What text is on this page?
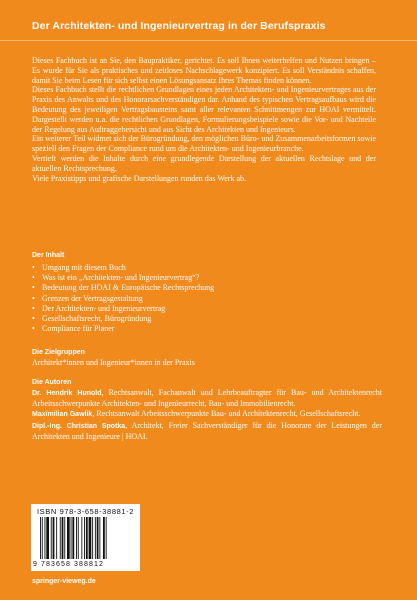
Der Architekten- und Ingenieurvertrag in der Berufspraxis

Dieses Fachbuch ist an Sie, den Baupraktiker, gerichtet. Es soll Ihnen weiterhelfen und Nutzen bringen – Es wurde für Sie als praktisches und zeitloses Nachschlagewerk konzipiert. Es soll Verständnis schaffen, damit Sie beim Lesen für sich selbst einen Lösungsansatz Ihres Themas finden können.

Dieses Fachbuch stellt die rechtlichen Grundlagen eines jeden Architekten- und Ingenieurvertrages aus der Praxis des Anwalts und des Honorarsachverständigen dar. Anhand des typischen Vertragsaufbaus wird die Bedeutung des jeweiligen Vertragsbausteins samt aller relevanten Schnittmengen zur HOAI vermittelt. Dargestellt werden u.a. die rechtlichen Grundlagen, Formulierungsbeispiele sowie die Vor- und Nachteile der Regelung aus Auftraggebersicht und aus Sicht des Architekten und Ingenieurs.

Ein weiterer Teil widmet sich der Bürogründung, den möglichen Büro- und Zusammenarbeitsformen sowie speziell den Fragen der Compliance rund um die Architekten- und Ingenieurbranche.

Vertieft werden die Inhalte durch eine grundlegende Darstellung der aktuellen Rechtslage und der aktuellen Rechtsprechung.

Viele Praxistipps und grafische Darstellungen runden das Werk ab.

Der Inhalt
• Umgang mit diesem Buch
• Was ist ein „Architekten- und Ingenieurvertrag“?
• Bedeutung der HOAI & Europäische Rechtsprechung
• Grenzen der Vertragsgestaltung
• Der Architekten- und Ingenieurvertrag
• Gesellschaftsrecht, Bürogründung
• Compliance für Planer
Die Zielgruppen
Architekt*innen und Ingenieur*innen in der Praxis
Die Autoren

Dr. Hendrik Hunold, Rechtsanwalt, Fachanwalt und Lehrbeauftragter für Bau- und Architektenrecht Arbeitsschwerpunkte Architekten- und Ingenieurrecht, Bau- und Immobilienrecht.

Maximilian Gawlik, Rechtsanwalt Arbeitsschwerpunkte Bau- und Architektenrecht, Gesellschaftsrecht.

Dipl.-Ing. Christian Spotka, Architekt, Freier Sachverständiger für die Honorare der Leistungen der Architekten und Ingenieure | HOAI.

ISBN 978-3-658-38881-2
9 783658 388812
springer-vieweg.de
